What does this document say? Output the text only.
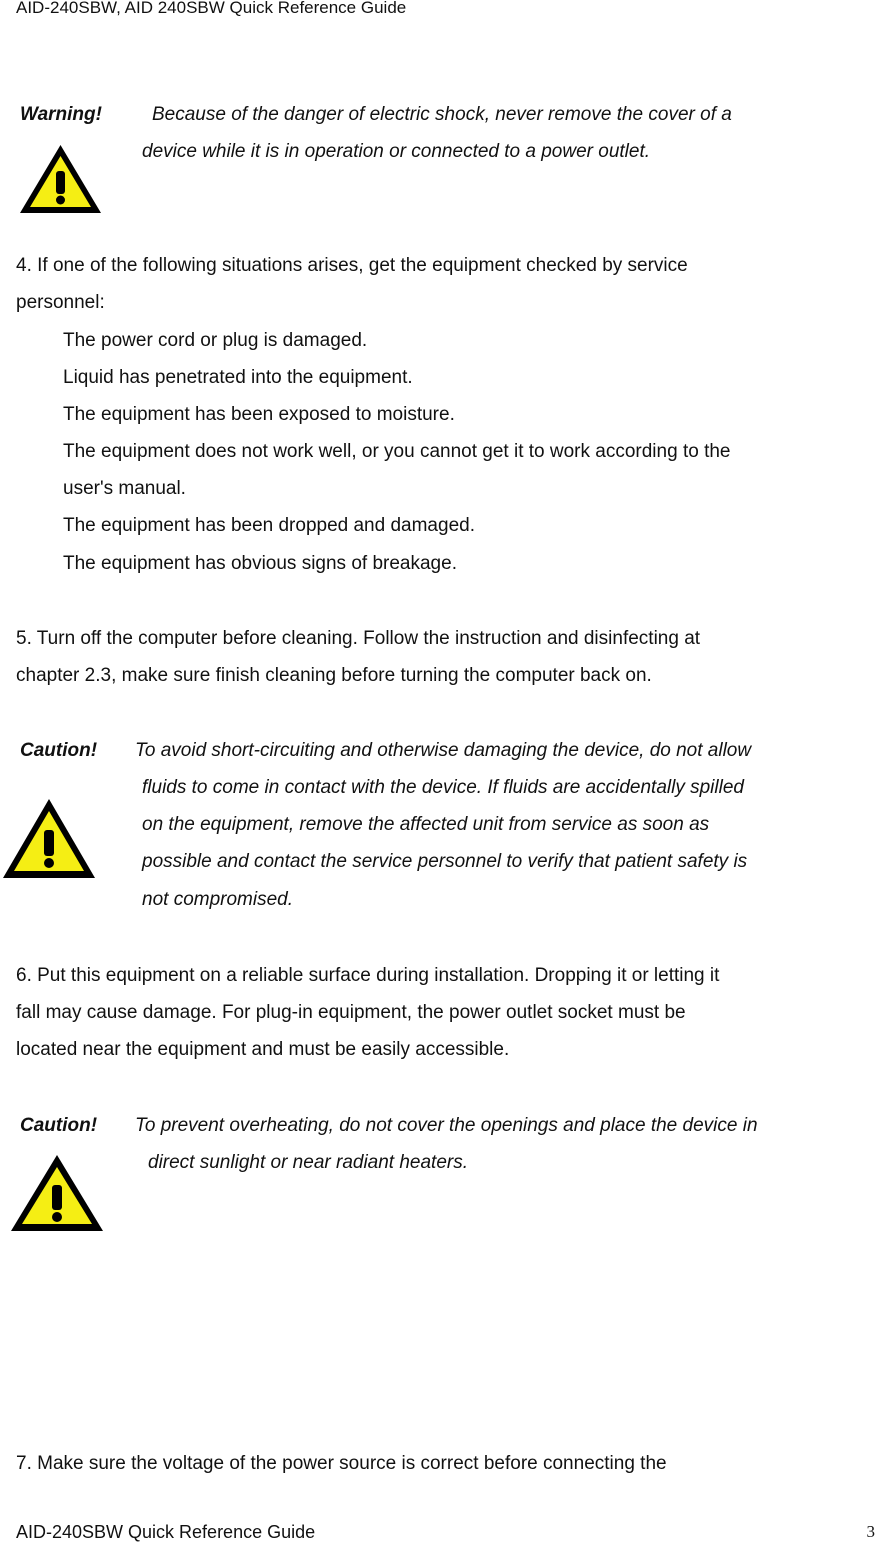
AID-240SBW, AID 240SBW Quick Reference Guide
Warning!	Because of the danger of electric shock, never remove the cover of a
device while it is in operation or connected to a power outlet.
4. If one of the following situations arises, get the equipment checked by service
personnel:
The power cord or plug is damaged.
Liquid has penetrated into the equipment.
The equipment has been exposed to moisture.
The equipment does not work well, or you cannot get it to work according to the
user's manual.
The equipment has been dropped and damaged.
The equipment has obvious signs of breakage.
5. Turn off the computer before cleaning. Follow the instruction and disinfecting at
chapter 2.3, make sure finish cleaning before turning the computer back on.
Caution! To avoid short-circuiting and otherwise damaging the device, do not allow
fluids to come in contact with the device. If fluids are accidentally spilled
on the equipment, remove the affected unit from service as soon as
possible and contact the service personnel to verify that patient safety is
not compromised.
6. Put this equipment on a reliable surface during installation. Dropping it or letting it
fall may cause damage. For plug-in equipment, the power outlet socket must be
located near the equipment and must be easily accessible.
Caution! To prevent overheating, do not cover the openings and place the device in
direct sunlight or near radiant heaters.
7. Make sure the voltage of the power source is correct before connecting the
AID-240SBW Quick Reference Guide	3
